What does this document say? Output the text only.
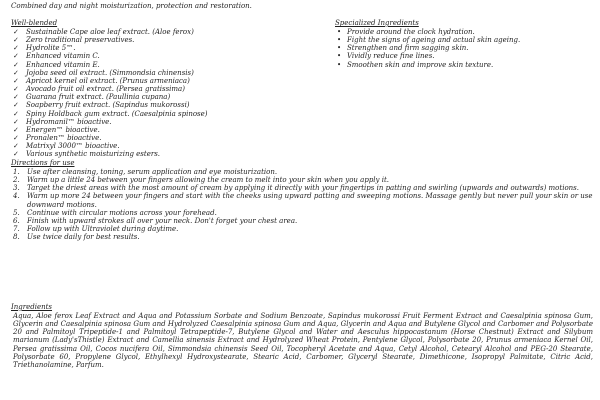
Combined day and night moisturization, protection and restoration.
Well-blended
✓ Sustainable Cape aloe leaf extract. (Aloe ferox)
✓ Zero traditional preservatives.
✓ Hydrolite 5™.
✓ Enhanced vitamin C.
✓ Enhanced vitamin E.
✓ Jojoba seed oil extract. (Simmondsia chinensis)
✓ Apricot kernel oil extract. (Prunus armeniaca)
✓ Avocado fruit oil extract. (Persea gratissima)
✓ Guarana fruit extract. (Paullinia cupana)
✓ Soapberry fruit extract. (Sapindus mukorossi)
✓ Spiny Holdback gum extract. (Caesalpinia spinose)
✓ Hydromanil™ bioactive.
✓ Energen™ bioactive.
✓ Pronalen™ bioactive.
✓ Matrixyl 3000™ bioactive.
✓ Various synthetic moisturizing esters.
Specialized Ingredients
• Provide around the clock hydration.
• Fight the signs of ageing and actual skin ageing.
• Strengthen and firm sagging skin.
• Vividly reduce fine lines.
• Smoothen skin and improve skin texture.
Directions for use
1. Use after cleansing, toning, serum application and eye moisturization.
2. Warm up a little 24 between your fingers allowing the cream to melt into your skin when you apply it.
3. Target the driest areas with the most amount of cream by applying it directly with your fingertips in patting and swirling (upwards and outwards) motions.
4. Warm up more 24 between your fingers and start with the cheeks using upward patting and sweeping motions. Massage gently but never pull your skin or use downward motions.
5. Continue with circular motions across your forehead.
6. Finish with upward strokes all over your neck. Don't forget your chest area.
7. Follow up with Ultraviolet during daytime.
8. Use twice daily for best results.
Ingredients
Aqua, Aloe ferox Leaf Extract and Aqua and Potassium Sorbate and Sodium Benzoate, Sapindus mukorossi Fruit Ferment Extract and Caesalpinia spinosa Gum, Glycerin and Caesalpinia spinosa Gum and Hydrolyzed Caesalpinia spinosa Gum and Aqua, Glycerin and Aqua and Butylene Glycol and Carbomer and Polysorbate 20 and Palmitoyl Tripeptide-1 and Palmitoyl Tetrapeptide-7, Butylene Glycol and Water and Aesculus hippocastanum (Horse Chestnut) Extract and Silybum marianum (Lady'sThistle) Extract and Camellia sinensis Extract and Hydrolyzed Wheat Protein, Pentylene Glycol, Polysorbate 20, Prunus armeniaca Kernel Oil, Persea gratissima Oil, Cocos nucifera Oil, Simmondsia chinensis Seed Oil, Tocopheryl Acetate and Aqua, Cetyl Alcohol, Cetearyl Alcohol and PEG-20 Stearate, Polysorbate 60, Propylene Glycol, Ethylhexyl Hydroxystearate, Stearic Acid, Carbomer, Glyceryl Stearate, Dimethicone, Isopropyl Palmitate, Citric Acid, Triethanolamine, Parfum.
